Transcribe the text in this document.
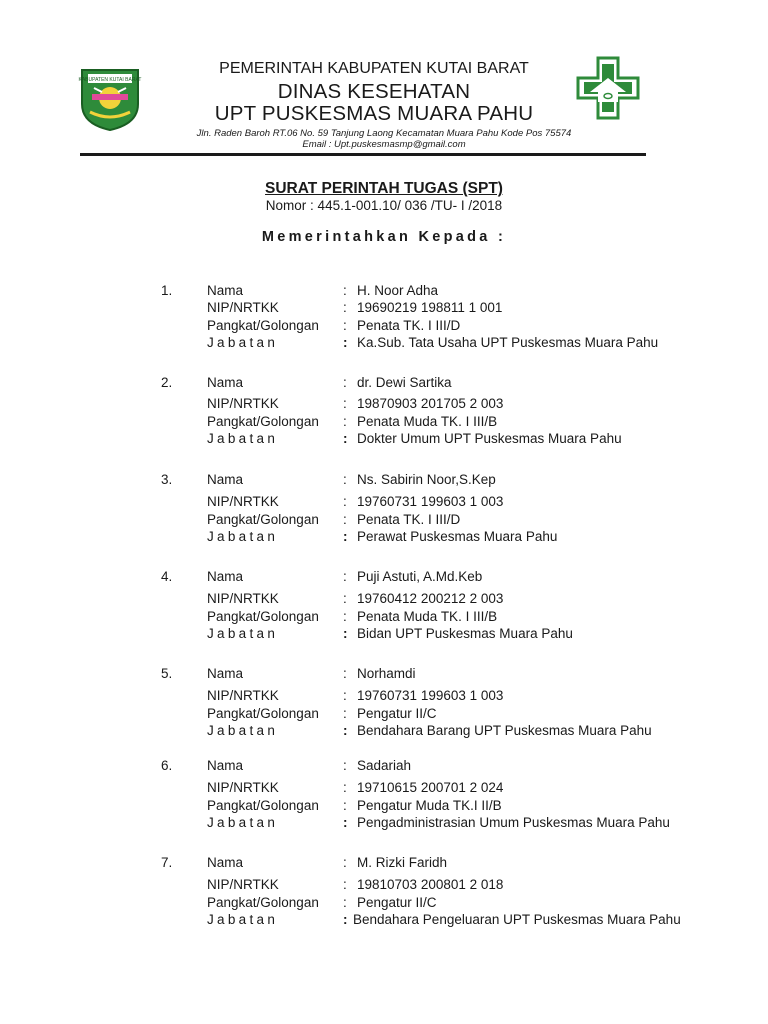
KABUPATEN KUTAI BARAT
PEMERINTAH KABUPATEN KUTAI BARAT
DINAS KESEHATAN
UPT PUSKESMAS MUARA PAHU
Jln. Raden Baroh RT.06 No. 59 Tanjung Laong Kecamatan Muara Pahu Kode Pos 75574
Email : Upt.puskesmasmp@gmail.com
SURAT PERINTAH TUGAS (SPT)
Nomor : 445.1-001.10/ 036 /TU- I /2018
Memerintahkan Kepada :
1.	Nama	: H. Noor Adha
NIP/NRTKK	: 19690219 198811 1 001
Pangkat/Golongan : Penata TK. I III/D
Jabatan	: Ka.Sub. Tata Usaha UPT Puskesmas Muara Pahu
2.	Nama	: dr. Dewi Sartika
NIP/NRTKK	: 19870903 201705 2 003
Pangkat/Golongan : Penata Muda TK. I III/B
Jabatan	: Dokter Umum UPT Puskesmas Muara Pahu
3.	Nama	: Ns. Sabirin Noor,S.Kep
NIP/NRTKK	: 19760731 199603 1 003
Pangkat/Golongan : Penata TK. I III/D
Jabatan	: Perawat Puskesmas Muara Pahu
4.	Nama	: Puji Astuti, A.Md.Keb
NIP/NRTKK	: 19760412 200212 2 003
Pangkat/Golongan : Penata Muda TK. I III/B
Jabatan	: Bidan UPT Puskesmas Muara Pahu
5.	Nama	: Norhamdi
NIP/NRTKK	: 19760731 199603 1 003
Pangkat/Golongan : Pengatur II/C
Jabatan	: Bendahara Barang UPT Puskesmas Muara Pahu
6.	Nama	: Sadariah
NIP/NRTKK	: 19710615 200701 2 024
Pangkat/Golongan : Pengatur Muda TK.I II/B
Jabatan	: Pengadministrasian Umum Puskesmas Muara Pahu
7.	Nama	: M. Rizki Faridh
NIP/NRTKK	: 19810703 200801 2 018
Pangkat/Golongan : Pengatur II/C
Jabatan	: Bendahara Pengeluaran UPT Puskesmas Muara Pahu
